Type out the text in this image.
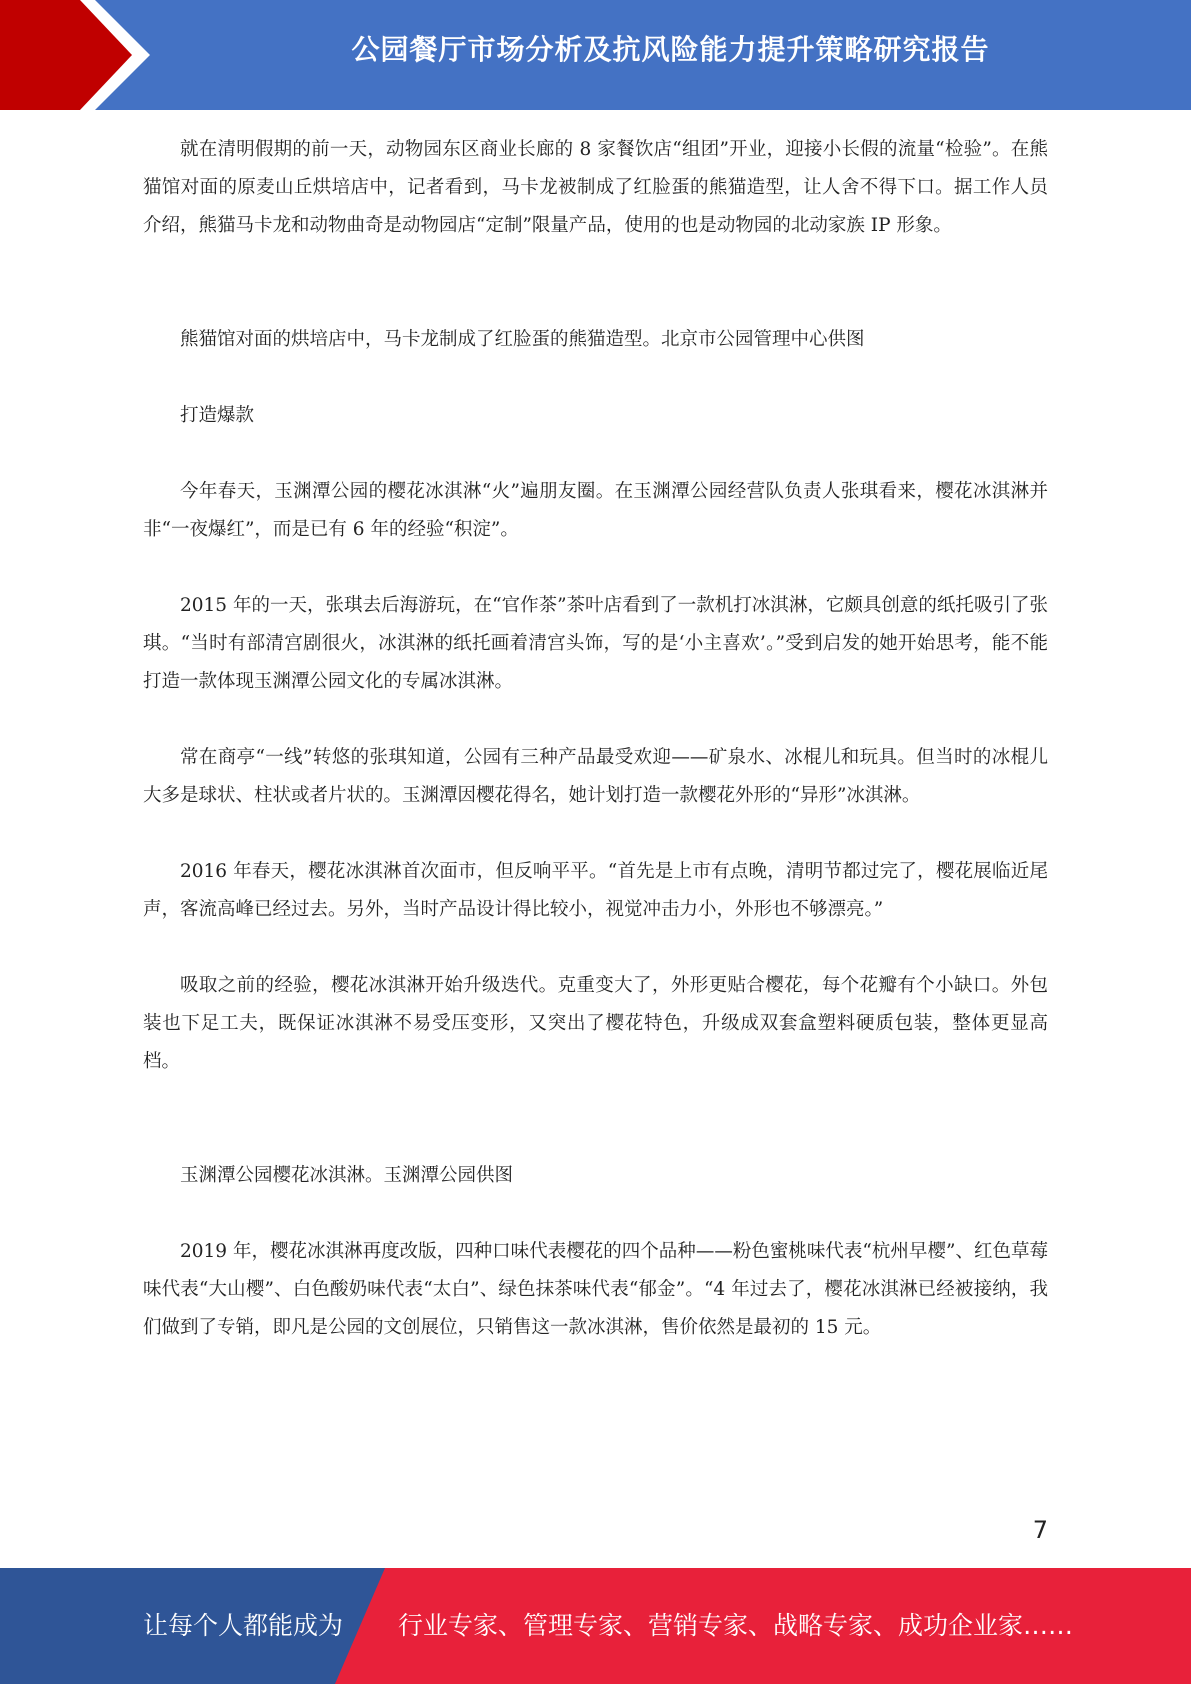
公园餐厅市场分析及抗风险能力提升策略研究报告

就在清明假期的前一天，动物园东区商业长廊的 8 家餐饮店“组团”开业，迎接小长假的流量“检验”。在熊猫馆对面的原麦山丘烘培店中，记者看到，马卡龙被制成了红脸蛋的熊猫造型，让人舍不得下口。据工作人员介绍，熊猫马卡龙和动物曲奇是动物园店“定制”限量产品，使用的也是动物园的北动家族 IP 形象。

熊猫馆对面的烘培店中，马卡龙制成了红脸蛋的熊猫造型。北京市公园管理中心供图

打造爆款

今年春天，玉渊潭公园的樱花冰淇淋“火”遍朋友圈。在玉渊潭公园经营队负责人张琪看来，樱花冰淇淋并非“一夜爆红”，而是已有 6 年的经验“积淀”。

2015 年的一天，张琪去后海游玩，在“官作茶”茶叶店看到了一款机打冰淇淋，它颇具创意的纸托吸引了张琪。“当时有部清宫剧很火，冰淇淋的纸托画着清宫头饰，写的是‘小主喜欢’。”受到启发的她开始思考，能不能打造一款体现玉渊潭公园文化的专属冰淇淋。

常在商亭“一线”转悠的张琪知道，公园有三种产品最受欢迎——矿泉水、冰棍儿和玩具。但当时的冰棍儿大多是球状、柱状或者片状的。玉渊潭因樱花得名，她计划打造一款樱花外形的“异形”冰淇淋。

2016 年春天，樱花冰淇淋首次面市，但反响平平。“首先是上市有点晚，清明节都过完了，樱花展临近尾声，客流高峰已经过去。另外，当时产品设计得比较小，视觉冲击力小，外形也不够漂亮。”

吸取之前的经验，樱花冰淇淋开始升级迭代。克重变大了，外形更贴合樱花，每个花瓣有个小缺口。外包装也下足工夫，既保证冰淇淋不易受压变形，又突出了樱花特色，升级成双套盒塑料硬质包装，整体更显高档。

玉渊潭公园樱花冰淇淋。玉渊潭公园供图

2019 年，樱花冰淇淋再度改版，四种口味代表樱花的四个品种——粉色蜜桃味代表“杭州早樱”、红色草莓味代表“大山樱”、白色酸奶味代表“太白”、绿色抹茶味代表“郁金”。“4 年过去了，樱花冰淇淋已经被接纳，我们做到了专销，即凡是公园的文创展位，只销售这一款冰淇淋，售价依然是最初的 15 元。

7
让每个人都能成为 行业专家、管理专家、营销专家、战略专家、成功企业家……
